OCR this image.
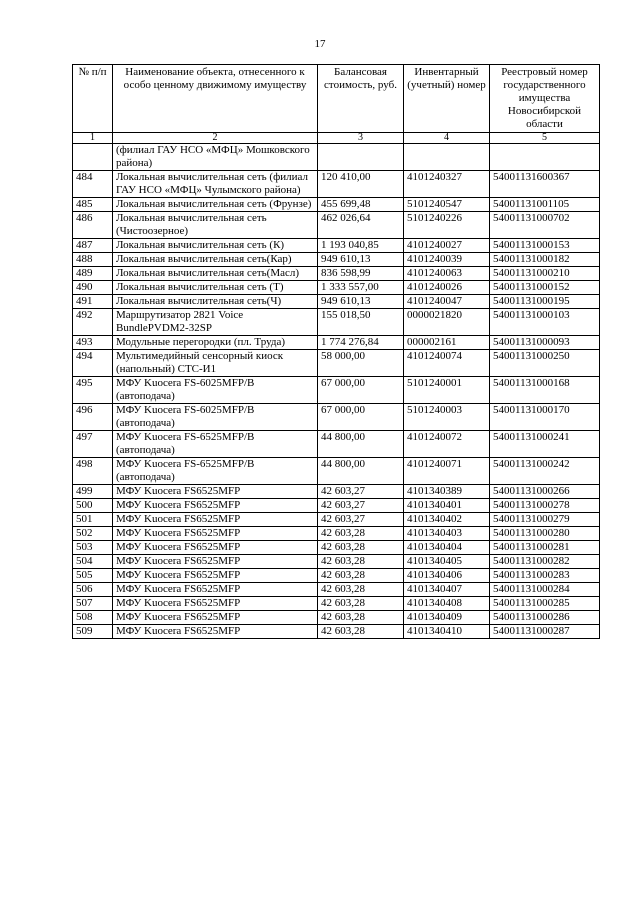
17
№ п/п	Наименование объекта, отнесенного к особо ценному движимому имуществу	Балансовая стоимость, руб.	Инвентарный (учетный) номер	Реестровый номер государственного имущества Новосибирской области
1	2	3	4	5
	(филиал ГАУ НСО «МФЦ» Мошковского района)			
484	Локальная вычислительная сеть (филиал ГАУ НСО «МФЦ» Чулымского района)	120 410,00	4101240327	54001131600367
485	Локальная вычислительная сеть (Фрунзе)	455 699,48	5101240547	54001131001105
486	Локальная вычислительная сеть (Чистоозерное)	462 026,64	5101240226	54001131000702
487	Локальная вычислительная сеть (К)	1 193 040,85	4101240027	54001131000153
488	Локальная вычислительная сеть(Кар)	949 610,13	4101240039	54001131000182
489	Локальная вычислительная сеть(Масл)	836 598,99	4101240063	54001131000210
490	Локальная вычислительная сеть (Т)	1 333 557,00	4101240026	54001131000152
491	Локальная вычислительная сеть(Ч)	949 610,13	4101240047	54001131000195
492	Маршрутизатор 2821 Voice BundlePVDM2-32SP	155 018,50	0000021820	54001131000103
493	Модульные перегородки (пл. Труда)	1 774 276,84	000002161	54001131000093
494	Мультимедийный сенсорный киоск (напольный) СТС-И1	58 000,00	4101240074	54001131000250
495	МФУ Kuocera FS-6025MFP/B (автоподача)	67 000,00	5101240001	54001131000168
496	МФУ Kuocera FS-6025MFP/B (автоподача)	67 000,00	5101240003	54001131000170
497	МФУ Kuocera FS-6525MFP/B (автоподача)	44 800,00	4101240072	54001131000241
498	МФУ Kuocera FS-6525MFP/B (автоподача)	44 800,00	4101240071	54001131000242
499	МФУ Kuocera FS6525MFP	42 603,27	4101340389	54001131000266
500	МФУ Kuocera FS6525MFP	42 603,27	4101340401	54001131000278
501	МФУ Kuocera FS6525MFP	42 603,27	4101340402	54001131000279
502	МФУ Kuocera FS6525MFP	42 603,28	4101340403	54001131000280
503	МФУ Kuocera FS6525MFP	42 603,28	4101340404	54001131000281
504	МФУ Kuocera FS6525MFP	42 603,28	4101340405	54001131000282
505	МФУ Kuocera FS6525MFP	42 603,28	4101340406	54001131000283
506	МФУ Kuocera FS6525MFP	42 603,28	4101340407	54001131000284
507	МФУ Kuocera FS6525MFP	42 603,28	4101340408	54001131000285
508	МФУ Kuocera FS6525MFP	42 603,28	4101340409	54001131000286
509	МФУ Kuocera FS6525MFP	42 603,28	4101340410	54001131000287
